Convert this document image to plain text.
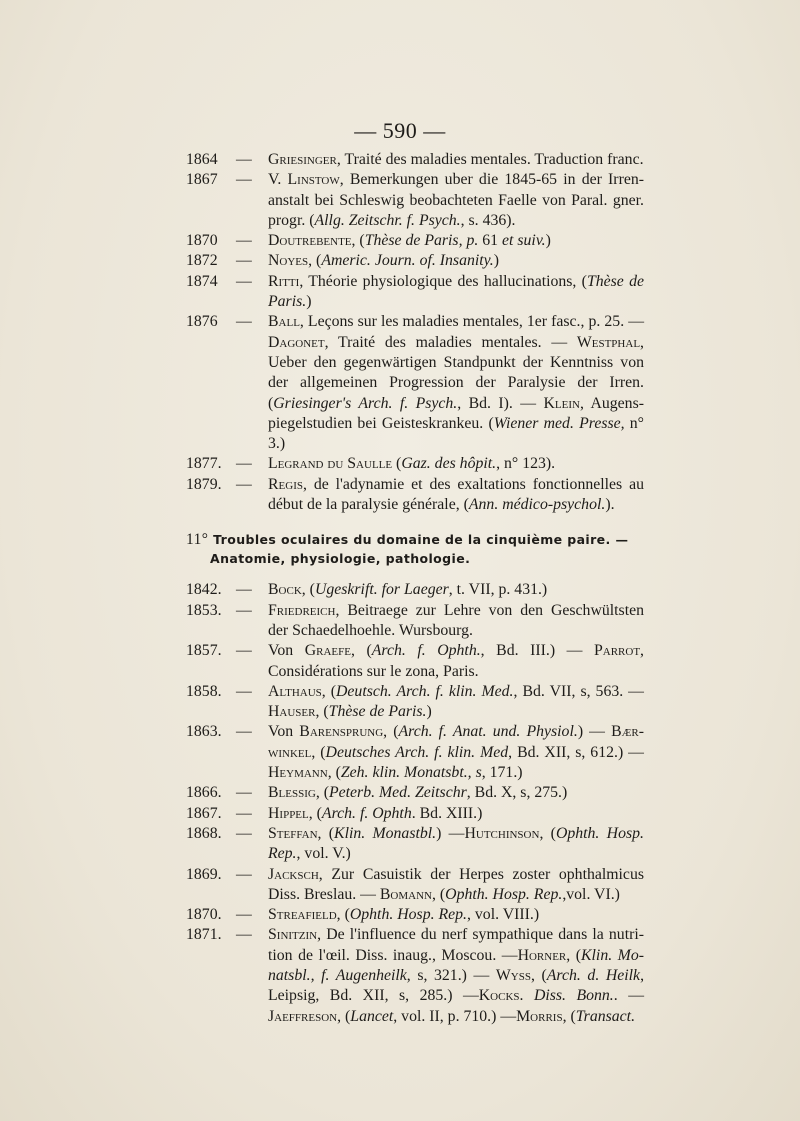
— 590 —

1864	— Griesinger, Traité des maladies mentales. Traduction franc.

1867	— V. Linstow, Bemerkungen uber die 1845-65 in der Irren-anstalt bei Schleswig beobachteten Faelle von Paral. gner. progr. (Allg. Zeitschr. f. Psych., s. 436).

1870	— Doutrebente, (Thèse de Paris, p. 61 et suiv.)

1872	— Noyes, (Americ. Journ. of. Insanity.)

1874	— Ritti, Théorie physiologique des hallucinations, (Thèse de Paris.)

1876	— Ball, Leçons sur les maladies mentales, 1er fasc., p. 25. — Dagonet, Traité des maladies mentales. — Westphal, Ueber den gegenwärtigen Standpunkt der Kenntniss von der allgemeinen Progression der Paralysie der Irren. (Griesinger's Arch. f. Psych., Bd. I). — Klein, Augens-piegelstudien bei Geisteskrankeu. (Wiener med. Presse, n° 3.)

1877. — Legrand du Saulle (Gaz. des hôpit., n° 123).

1879. — Regis, de l'adynamie et des exaltations fonctionnelles au début de la paralysie générale, (Ann. médico-psychol.).

11° Troubles oculaires du domaine de la cinquième paire. —
Anatomie, physiologie, pathologie.

1842. — Bock, (Ugeskrift. for Laeger, t. VII, p. 431.)

1853. — Friedreich, Beitraege zur Lehre von den Geschwültsten der Schaedelhoehle. Wursbourg.

1857. — Von Graefe, (Arch. f. Ophth., Bd. III.) — Parrot, Considérations sur le zona, Paris.

1858. — Althaus, (Deutsch. Arch. f. klin. Med., Bd. VII, s, 563. — Hauser, (Thèse de Paris.)

1863. — Von Barensprung, (Arch. f. Anat. und. Physiol.) — Bær-winkel, (Deutsches Arch. f. klin. Med, Bd. XII, s, 612.) — Heymann, (Zeh. klin. Monatsbt., s, 171.)

1866. — Blessig, (Peterb. Med. Zeitschr, Bd. X, s, 275.)

1867. — Hippel, (Arch. f. Ophth. Bd. XIII.)

1868. — Steffan, (Klin. Monastbl.) —Hutchinson, (Ophth. Hosp. Rep., vol. V.)

1869. — Jacksch, Zur Casuistik der Herpes zoster ophthalmicus Diss. Breslau. — Bomann, (Ophth. Hosp. Rep.,vol. VI.)

1870. — Streafield, (Ophth. Hosp. Rep., vol. VIII.)

1871. — Sinitzin, De l'influence du nerf sympathique dans la nutri-tion de l'œil. Diss. inaug., Moscou. —Horner, (Klin. Mo-natsbl., f. Augenheilk, s, 321.) — Wyss, (Arch. d. Heilk, Leipsig, Bd. XII, s, 285.) —Kocks. Diss. Bonn.. — Jaeffreson, (Lancet, vol. II, p. 710.) —Morris, (Transact.
